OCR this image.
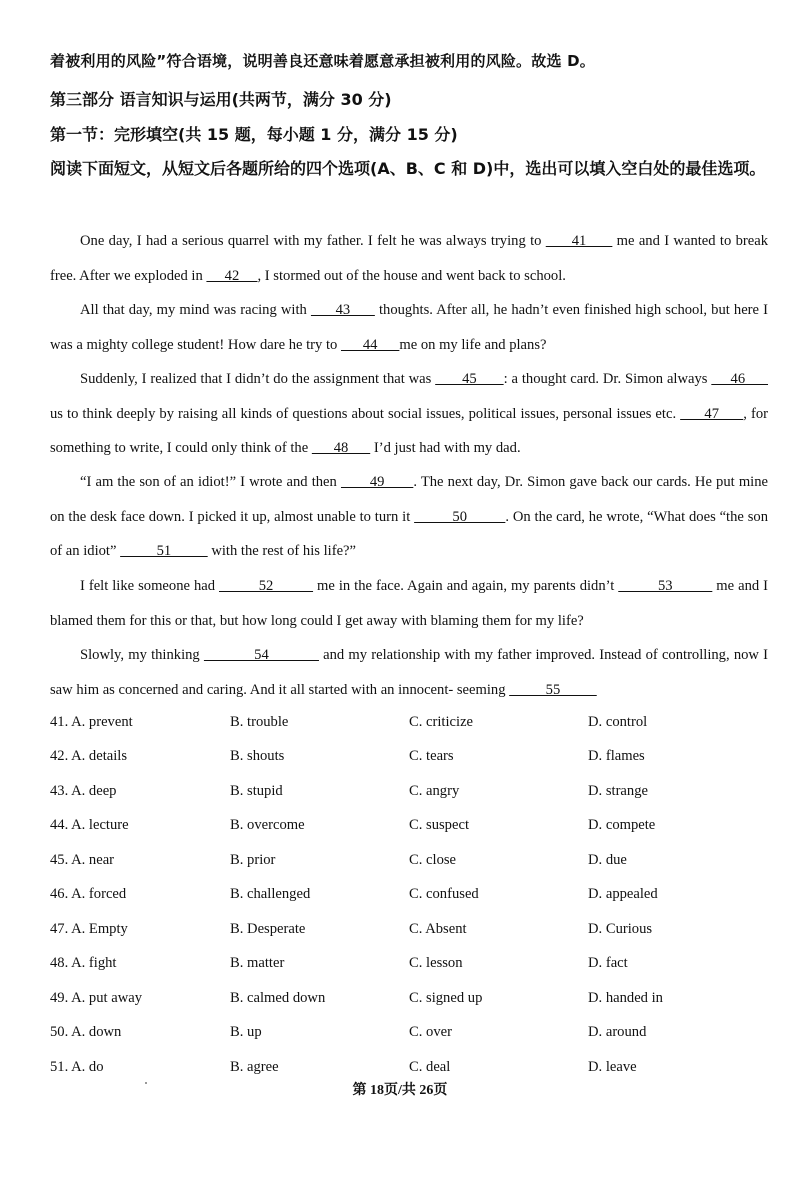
着被利用的风险”符合语境，说明善良还意味着愿意承担被利用的风险。故选 D。
第三部分 语言知识与运用(共两节，满分 30 分)
第一节：完形填空(共 15 题，每小题 1 分，满分 15 分)
阅读下面短文，从短文后各题所给的四个选项(A、B、C 和 D)中，选出可以填入空白处的最佳选项。
One day, I had a serious quarrel with my father. I felt he was always trying to       41       me and I wanted to break free. After we exploded in      42     , I stormed out of the house and went back to school.
All that day, my mind was racing with       43       thoughts. After all, he hadn’t even finished high school, but here I was a mighty college student! How dare he try to       44      me on my life and plans?
Suddenly, I realized that I didn’t do the assignment that was        45       : a thought card. Dr. Simon always      46       us to think deeply by raising all kinds of questions about social issues, political issues, personal issues etc.       47      , for something to write, I could only think of the       48       I’d just had with my dad.
“I am the son of an idiot!” I wrote and then        49       . The next day, Dr. Simon gave back our cards. He put mine on the desk face down. I picked it up, almost unable to turn it           50          . On the card, he wrote, “What does “the son of an idiot”           51           with the rest of his life?”
I felt like someone had           52           me in the face. Again and again, my parents didn’t           53           me and I blamed them for this or that, but how long could I get away with blaming them for my life?
Slowly, my thinking             54             and my relationship with my father improved. Instead of controlling, now I saw him as concerned and caring. And it all started with an innocent- seeming           55
41. A. prevent	B. trouble	C. criticize	D. control
42. A. details	B. shouts	C. tears	D. flames
43. A. deep	B. stupid	C. angry	D. strange
44. A. lecture	B. overcome	C. suspect	D. compete
45. A. near	B. prior	C. close	D. due
46. A. forced	B. challenged	C. confused	D. appealed
47. A. Empty	B. Desperate	C. Absent	D. Curious
48. A. fight	B. matter	C. lesson	D. fact
49. A. put away	B. calmed down	C. signed up	D. handed in
50. A. down	B. up	C. over	D. around
51. A. do	B. agree	C. deal	D. leave
第 18页/共 26页
